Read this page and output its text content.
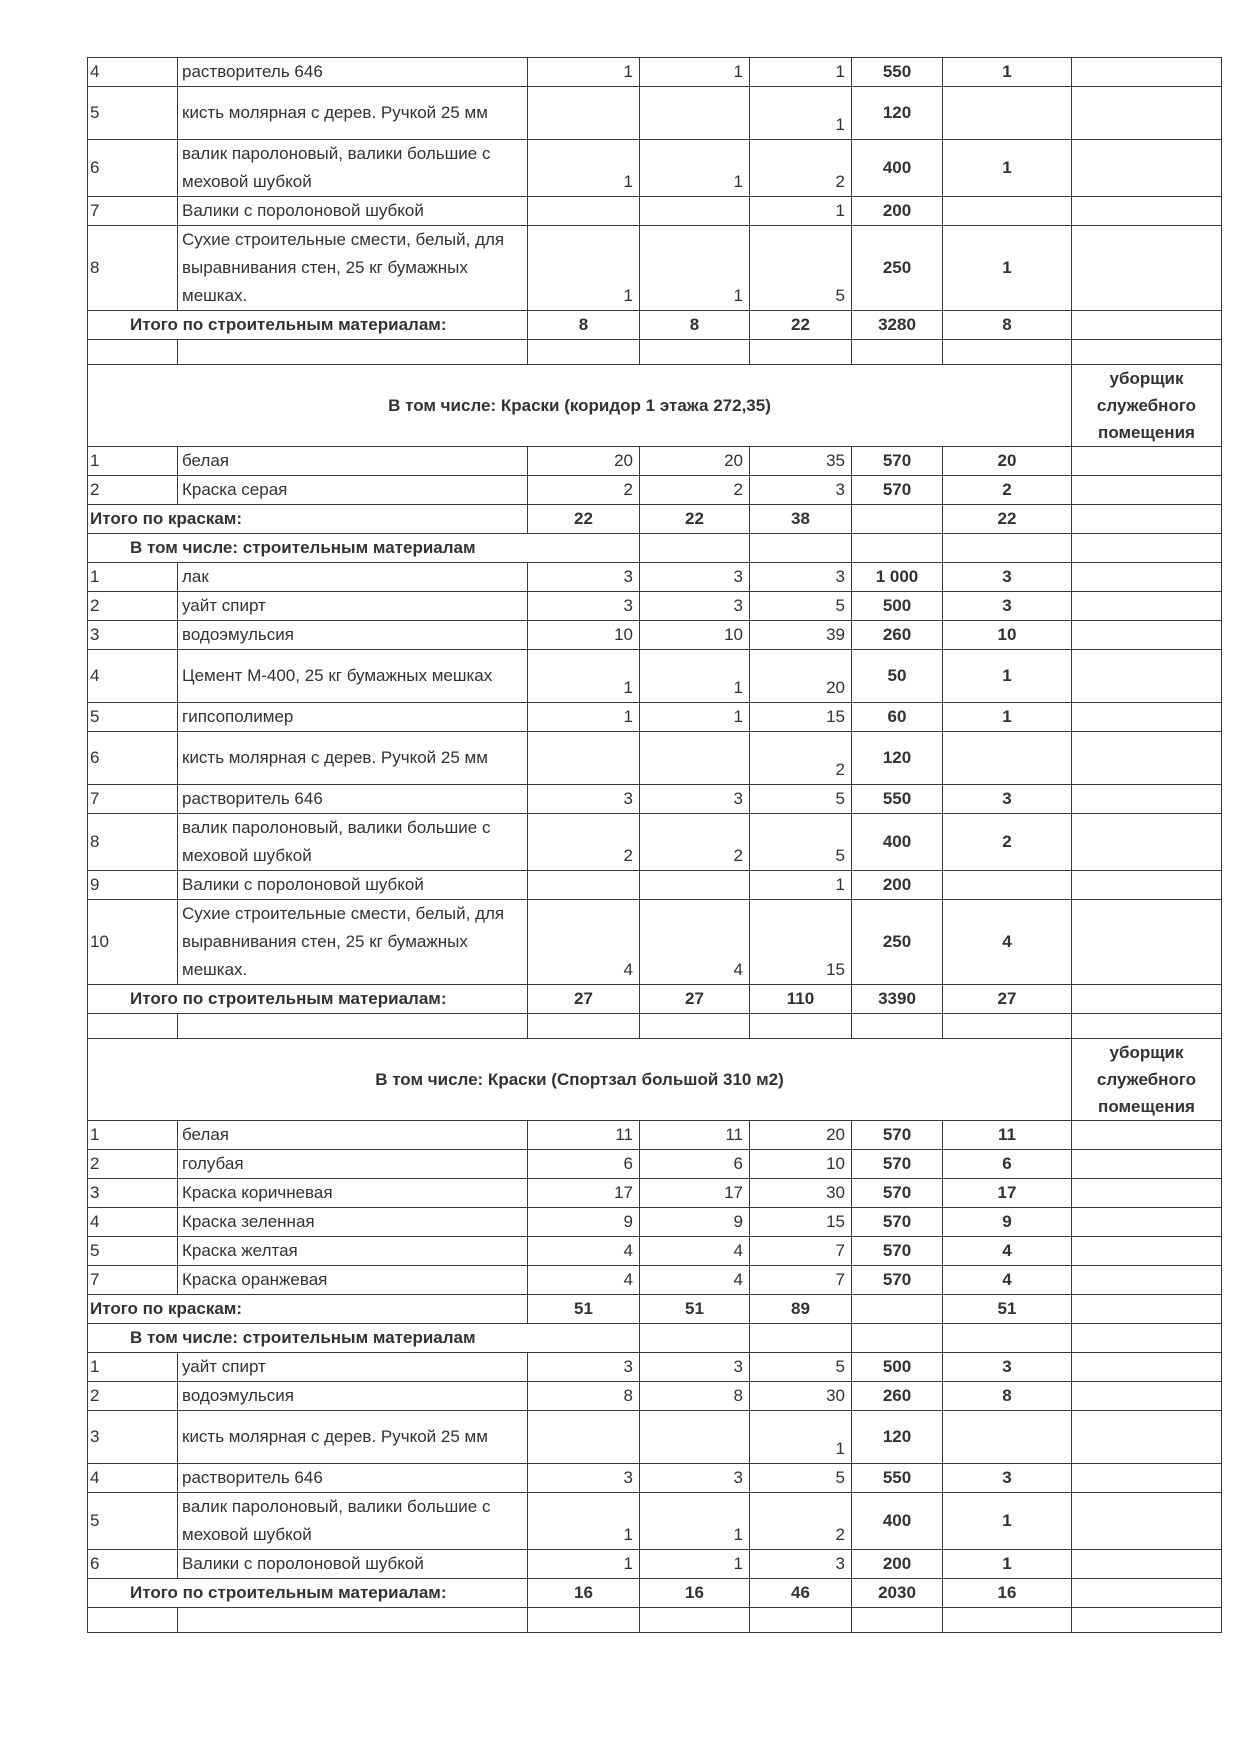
4	растворитель 646	1	1	1	550	1	
5	кисть молярная с дерев. Ручкой 25 мм			1	120		
6	валик паролоновый, валики большие с меховой шубкой	1	1	2	400	1	
7	Валики с поролоновой шубкой			1	200		
8	Сухие строительные смести, белый, для выравнивания стен, 25 кг бумажных мешках.	1	1	5	250	1	
Итого по строительным материалам:		8	8	22	3280	8	

В том числе: Краски (коридор 1 этажа 272,35)							уборщик служебного помещения
1	белая	20	20	35	570	20	
2	Краска серая	2	2	3	570	2	
Итого по краскам:		22	22	38		22	
В том числе: строительным материалам							
1	лак	3	3	3	1 000	3	
2	уайт спирт	3	3	5	500	3	
3	водоэмульсия	10	10	39	260	10	
4	Цемент М-400, 25 кг бумажных мешках	1	1	20	50	1	
5	гипсополимер	1	1	15	60	1	
6	кисть молярная с дерев. Ручкой 25 мм			2	120		
7	растворитель 646	3	3	5	550	3	
8	валик паролоновый, валики большие с меховой шубкой	2	2	5	400	2	
9	Валики с поролоновой шубкой			1	200		
10	Сухие строительные смести, белый, для выравнивания стен, 25 кг бумажных мешках.	4	4	15	250	4	
Итого по строительным материалам:		27	27	110	3390	27	

В том числе: Краски (Спортзал большой 310 м2)							уборщик служебного помещения
1	белая	11	11	20	570	11	
2	голубая	6	6	10	570	6	
3	Краска коричневая	17	17	30	570	17	
4	Краска зеленная	9	9	15	570	9	
5	Краска желтая	4	4	7	570	4	
7	Краска оранжевая	4	4	7	570	4	
Итого по краскам:		51	51	89		51	
В том числе: строительным материалам							
1	уайт спирт	3	3	5	500	3	
2	водоэмульсия	8	8	30	260	8	
3	кисть молярная с дерев. Ручкой 25 мм			1	120		
4	растворитель 646	3	3	5	550	3	
5	валик паролоновый, валики большие с меховой шубкой	1	1	2	400	1	
6	Валики с поролоновой шубкой	1	1	3	200	1	
Итого по строительным материалам:		16	16	46	2030	16	
